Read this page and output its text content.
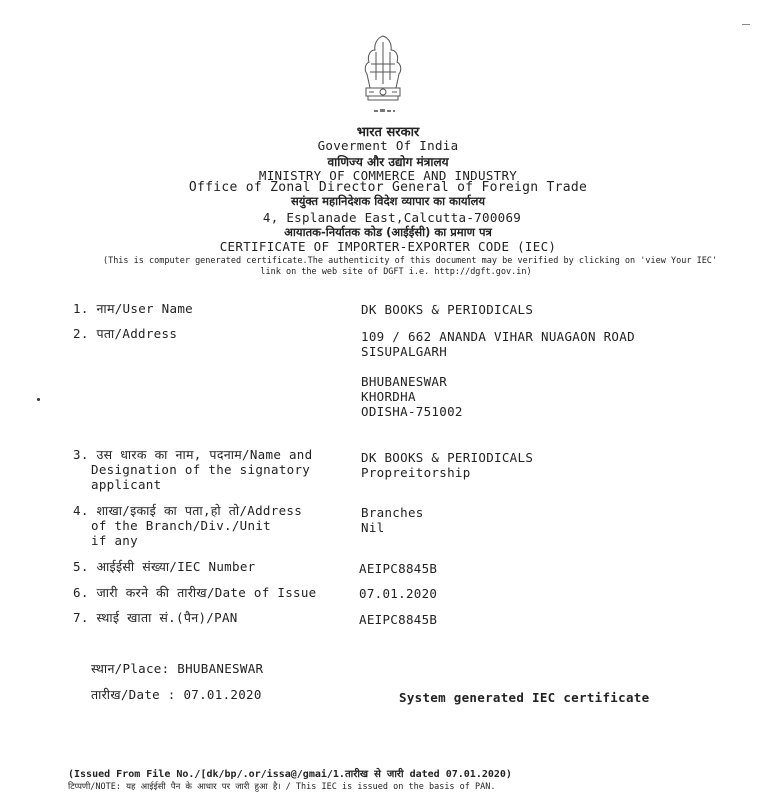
भारत सरकार
Goverment Of India
वाणिज्य और उद्योग मंत्रालय
MINISTRY OF COMMERCE AND INDUSTRY
Office of Zonal Director General of Foreign Trade
सयुंक्त महानिदेशक विदेश व्यापार का कार्यालय
4, Esplanade East,Calcutta-700069
आयातक-निर्यातक कोड (आईईसी) का प्रमाण पत्र
CERTIFICATE OF IMPORTER-EXPORTER CODE (IEC)
(This is computer generated certificate.The authenticity of this document may be verified by clicking on 'view Your IEC'
link on the web site of DGFT i.e. http://dgft.gov.in)
1. नाम/User Name	DK BOOKS & PERIODICALS
2. पता/Address	109 / 662 ANANDA VIHAR NUAGAON ROAD
SISUPALGARH
BHUBANESWAR
KHORDHA
ODISHA-751002
3. उस धारक का नाम, पदनाम/Name and
Designation of the signatory
applicant
DK BOOKS & PERIODICALS
Propreitorship
4. शाखा/इकाई का पता,हो तो/Address
of the Branch/Div./Unit
if any
Branches
Nil
5. आईईसी संख्या/IEC Number	AEIPC8845B
6. जारी करने की तारीख/Date of Issue	07.01.2020
7. स्थाई खाता सं.(पैन)/PAN	AEIPC8845B
स्थान/Place: BHUBANESWAR
तारीख/Date : 07.01.2020	System generated IEC certificate
(Issued From File No./[dk/bp/.or/issa@/gmai/1.तारीख से जारी dated 07.01.2020)
टिप्पणी/NOTE: यह आईईसी पैन के आधार पर जारी हुआ है। / This IEC is issued on the basis of PAN.
